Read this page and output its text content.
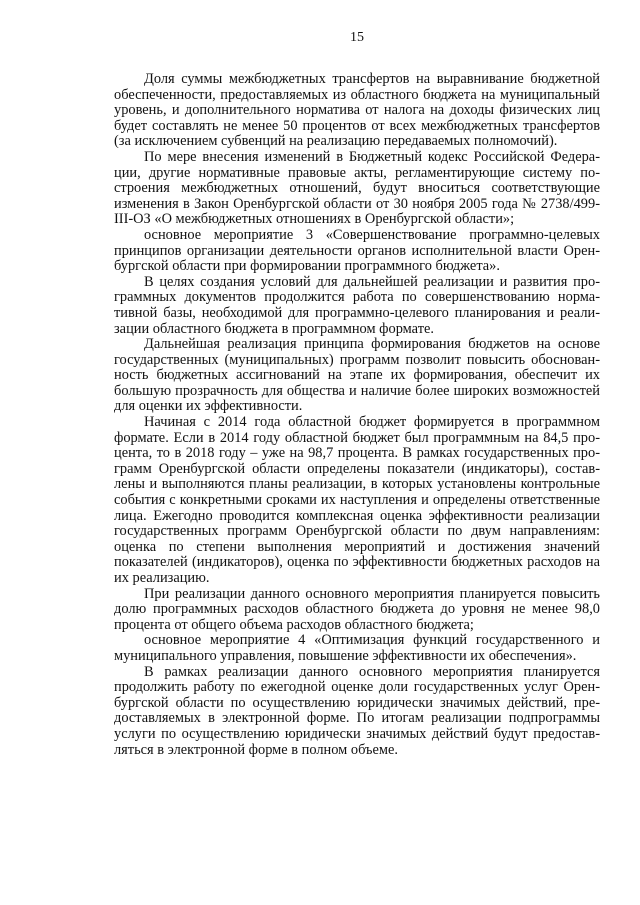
15

Доля суммы межбюджетных трансфертов на выравнивание бюджетной обеспеченности, предоставляемых из областного бюджета на муниципальный уровень, и дополнительного норматива от налога на доходы физических лиц будет составлять не менее 50 процентов от всех межбюджетных трансфертов (за исключением субвенций на реализацию передаваемых полномочий).

По мере внесения изменений в Бюджетный кодекс Российской Федерации, другие нормативные правовые акты, регламентирующие систему построения межбюджетных отношений, будут вноситься соответствующие изменения в Закон Оренбургской области от 30 ноября 2005 года № 2738/499-III-ОЗ «О межбюджетных отношениях в Оренбургской области»;

основное мероприятие 3 «Совершенствование программно-целевых принципов организации деятельности органов исполнительной власти Оренбургской области при формировании программного бюджета».

В целях создания условий для дальнейшей реализации и развития программных документов продолжится работа по совершенствованию нормативной базы, необходимой для программно-целевого планирования и реализации областного бюджета в программном формате.

Дальнейшая реализация принципа формирования бюджетов на основе государственных (муниципальных) программ позволит повысить обоснованность бюджетных ассигнований на этапе их формирования, обеспечит их большую прозрачность для общества и наличие более широких возможностей для оценки их эффективности.

Начиная с 2014 года областной бюджет формируется в программном формате. Если в 2014 году областной бюджет был программным на 84,5 процента, то в 2018 году – уже на 98,7 процента. В рамках государственных программ Оренбургской области определены показатели (индикаторы), составлены и выполняются планы реализации, в которых установлены контрольные события с конкретными сроками их наступления и определены ответственные лица. Ежегодно проводится комплексная оценка эффективности реализации государственных программ Оренбургской области по двум направлениям: оценка по степени выполнения мероприятий и достижения значений показателей (индикаторов), оценка по эффективности бюджетных расходов на их реализацию.

При реализации данного основного мероприятия планируется повысить долю программных расходов областного бюджета до уровня не менее 98,0 процента от общего объема расходов областного бюджета;

основное мероприятие 4 «Оптимизация функций государственного и муниципального управления, повышение эффективности их обеспечения».

В рамках реализации данного основного мероприятия планируется продолжить работу по ежегодной оценке доли государственных услуг Оренбургской области по осуществлению юридически значимых действий, предоставляемых в электронной форме. По итогам реализации подпрограммы услуги по осуществлению юридически значимых действий будут предоставляться в электронной форме в полном объеме.
